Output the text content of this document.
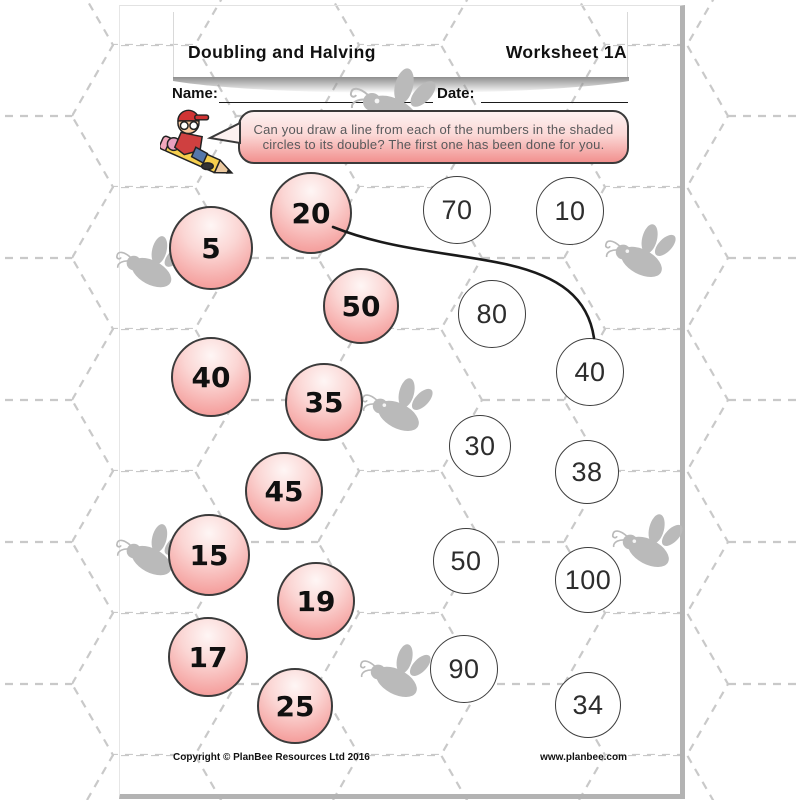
Doubling and Halving	Worksheet 1A
Name:	Date:
Can you draw a line from each of the numbers in the shaded
circles to its double? The first one has been done for you.
5
20
50
40
35
45
15
19
17
25
70	10
80
40
30
38
50
100
90
34
Copyright © PlanBee Resources Ltd 2016	www.planbee.com
